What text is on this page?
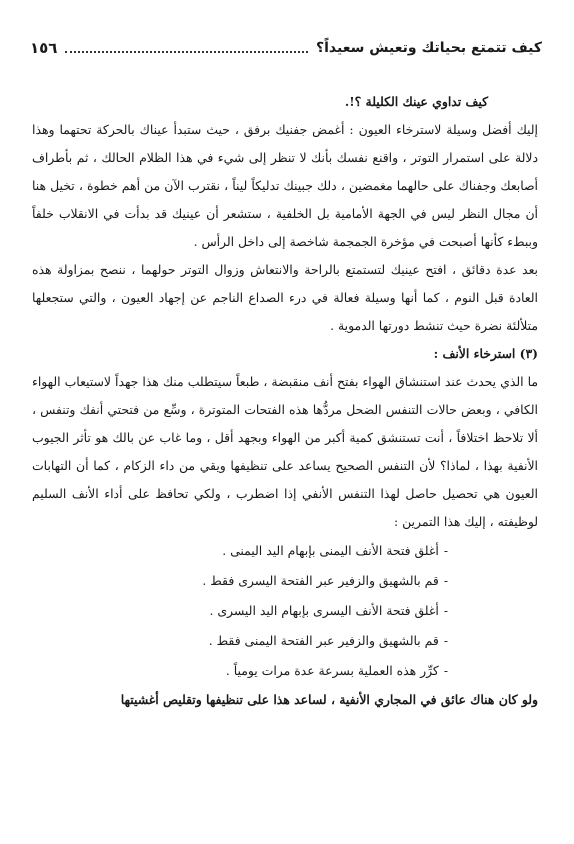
كيف تتمتع بحياتك وتعيش سعيداً؟
١٥٦

كيف تداوي عينك الكليلة ؟!.

إليك أفضل وسيلة لاسترخاء العيون : أغمض جفنيك برفق ، حيث ستبدأ عيناك بالحركة تحتهما وهذا دلالة على استمرار التوتر ، واقنع نفسك بأنك لا تنظر إلى شيء في هذا الظلام الحالك ، ثم بأطراف أصابعك وجفناك على حالهما مغمضين ، دلك جبينك تدليكاً ليناً ، نقترب الآن من أهم خطوة ، تخيل هنا أن مجال النظر ليس في الجهة الأمامية بل الخلفية ، ستشعر أن عينيك قد بدأت في الانقلاب خلفاً وببطء كأنها أصبحت في مؤخرة الجمجمة شاخصة إلى داخل الرأس .

بعد عدة دقائق ، افتح عينيك لتستمتع بالراحة والانتعاش وزوال التوتر حولهما ، ننصح بمزاولة هذه العادة قبل النوم ، كما أنها وسيلة فعالة في درء الصداع الناجم عن إجهاد العيون ، والتي ستجعلها متلألئة نضرة حيث تنشط دورتها الدموية .

(٣) استرخاء الأنف :

ما الذي يحدث عند استنشاق الهواء بفتح أنف منقبضة ، طبعاً سيتطلب منك هذا جهداً لاستيعاب الهواء الكافي ، وبعض حالات التنفس الضحل مردُّها هذه الفتحات المتوترة ، وسِّع من فتحتي أنفك وتنفس ، ألا تلاحظ اختلافاً ، أنت تستنشق كمية أكبر من الهواء وبجهد أقل ، وما غاب عن بالك هو تأثر الجيوب الأنفية بهذا ، لماذا؟ لأن التنفس الصحيح يساعد على تنظيفها ويقي من داء الزكام ، كما أن التهابات العيون هي تحصيل حاصل لهذا التنفس الأنفي إذا اضطرب ، ولكي تحافظ على أداء الأنف السليم لوظيفته ، إليك هذا التمرين :

-أغلق فتحة الأنف اليمنى بإبهام اليد اليمنى .
-قم بالشهيق والزفير عبر الفتحة اليسرى فقط .
-أغلق فتحة الأنف اليسرى بإبهام اليد اليسرى .
-قم بالشهيق والزفير عبر الفتحة اليمنى فقط .
-كرِّر هذه العملية بسرعة عدة مرات يومياً .

ولو كان هناك عائق في المجاري الأنفية ، لساعد هذا على تنظيفها وتقليص أغشيتها
